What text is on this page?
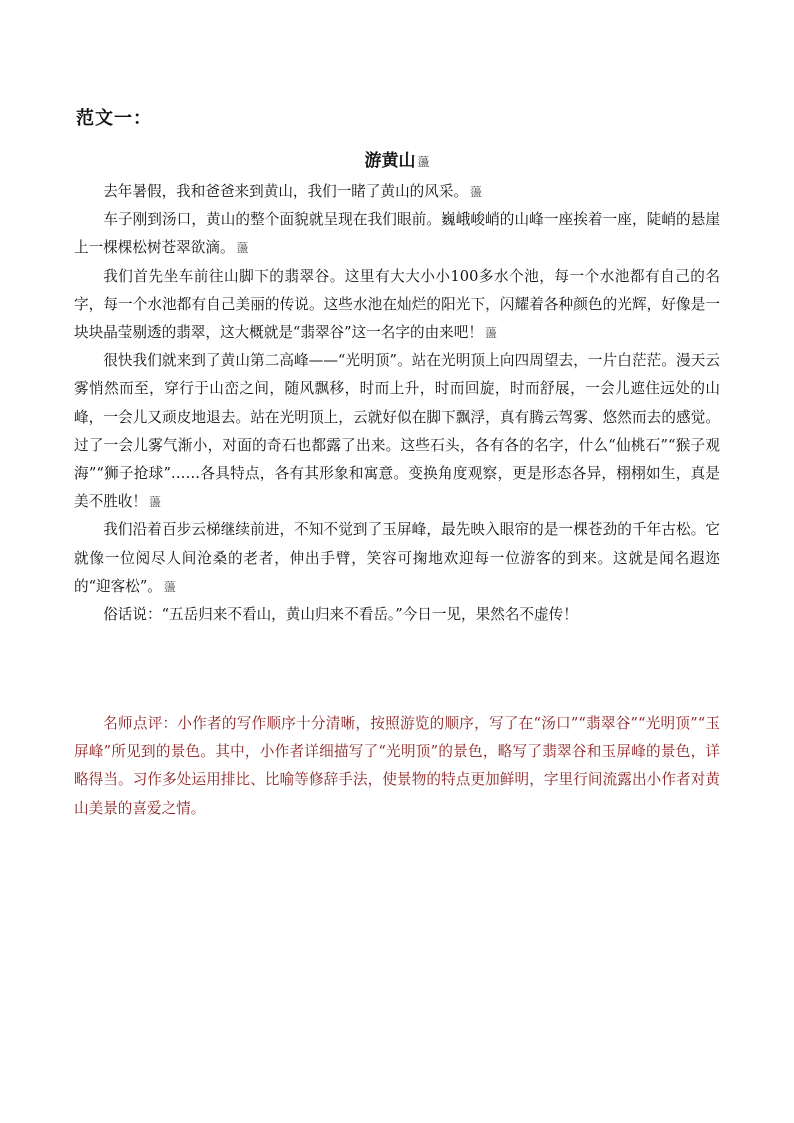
范文一：
游黄山 蘯

去年暑假，我和爸爸来到黄山，我们一睹了黄山的风采。 蘯

车子刚到汤口，黄山的整个面貌就呈现在我们眼前。巍峨峻峭的山峰一座挨着一座，陡峭的悬崖上一棵棵松树苍翠欲滴。 蘯

我们首先坐车前往山脚下的翡翠谷。这里有大大小小100多水个池，每一个水池都有自己的名字，每一个水池都有自己美丽的传说。这些水池在灿烂的阳光下，闪耀着各种颜色的光辉，好像是一块块晶莹剔透的翡翠，这大概就是“翡翠谷”这一名字的由来吧！ 蘯

很快我们就来到了黄山第二高峰——“光明顶”。站在光明顶上向四周望去，一片白茫茫。漫天云雾悄然而至，穿行于山峦之间，随风飘移，时而上升，时而回旋，时而舒展，一会儿遮住远处的山峰，一会儿又顽皮地退去。站在光明顶上，云就好似在脚下飘浮，真有腾云驾雾、悠然而去的感觉。过了一会儿雾气渐小，对面的奇石也都露了出来。这些石头，各有各的名字，什么“仙桃石”“猴子观海”“狮子抢球”……各具特点，各有其形象和寓意。变换角度观察，更是形态各异，栩栩如生，真是美不胜收！ 蘯

我们沿着百步云梯继续前进，不知不觉到了玉屏峰，最先映入眼帘的是一棵苍劲的千年古松。它就像一位阅尽人间沧桑的老者，伸出手臂，笑容可掬地欢迎每一位游客的到来。这就是闻名遐迩的“迎客松”。 蘯

俗话说：“五岳归来不看山，黄山归来不看岳。”今日一见，果然名不虚传！

名师点评：小作者的写作顺序十分清晰，按照游览的顺序，写了在“汤口”“翡翠谷”“光明顶”“玉屏峰”所见到的景色。其中，小作者详细描写了“光明顶”的景色，略写了翡翠谷和玉屏峰的景色，详略得当。习作多处运用排比、比喻等修辞手法，使景物的特点更加鲜明，字里行间流露出小作者对黄山美景的喜爱之情。
